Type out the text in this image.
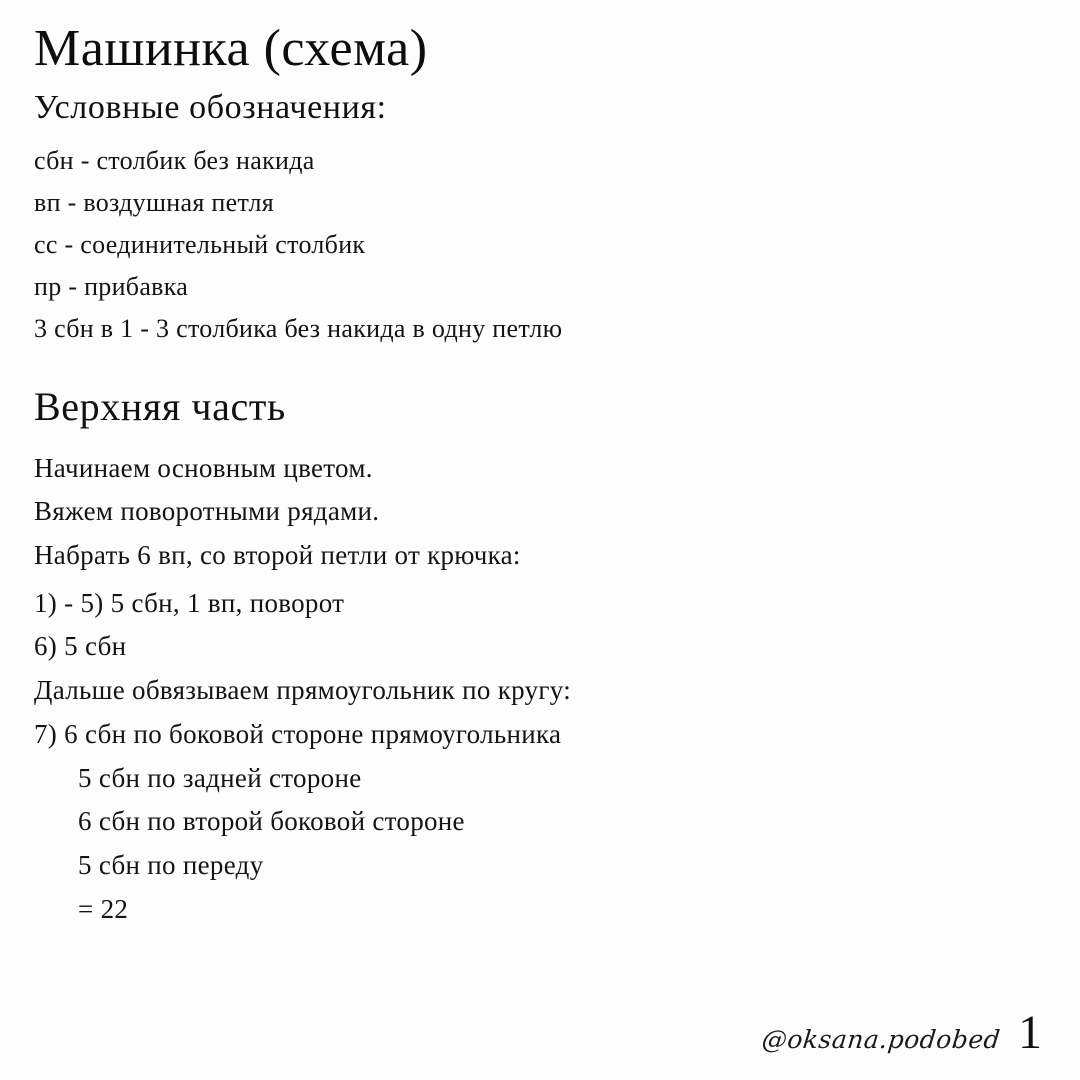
Машинка (схема)
Условные обозначения:
сбн - столбик без накида
вп - воздушная петля
сс - соединительный столбик
пр - прибавка
3 сбн в 1 - 3 столбика без накида в одну петлю
Верхняя часть
Начинаем основным цветом.
Вяжем поворотными рядами.
Набрать 6 вп, со второй петли от крючка:
1) - 5) 5 сбн, 1 вп, поворот
6) 5 сбн
Дальше обвязываем прямоугольник по кругу:
7) 6 сбн по боковой стороне прямоугольника
5 сбн по задней стороне
6 сбн по второй боковой стороне
5 сбн по переду
= 22
@oksana.podobed 1
